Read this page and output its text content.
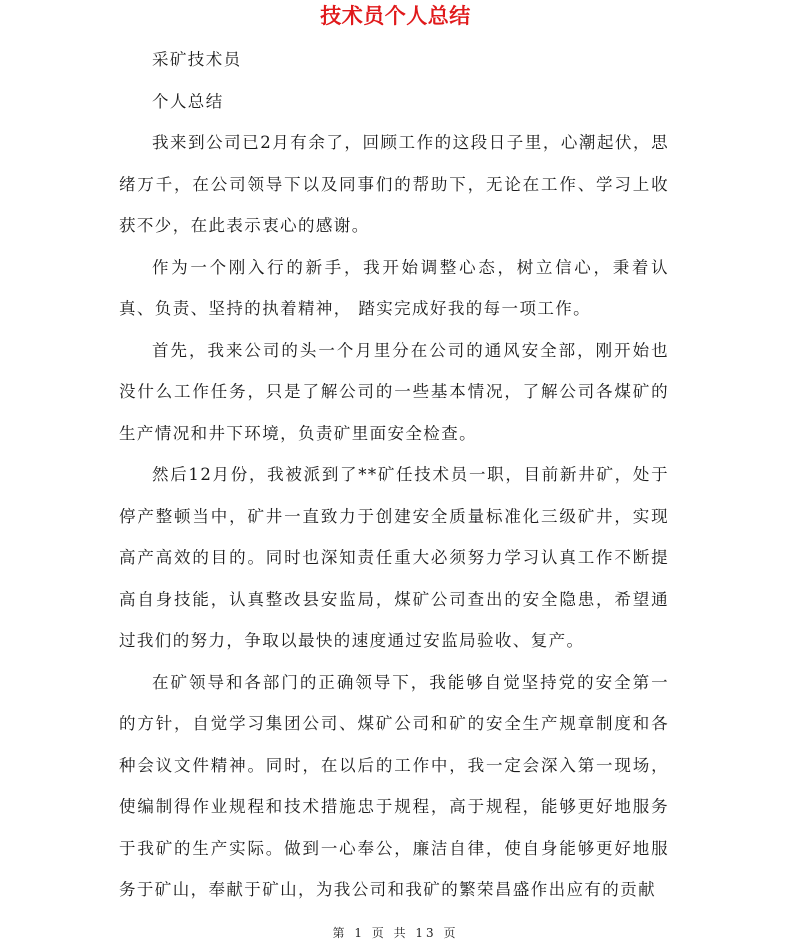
技术员个人总结

采矿技术员

个人总结

我来到公司已2月有余了，回顾工作的这段日子里，心潮起伏，思绪万千，在公司领导下以及同事们的帮助下，无论在工作、学习上收获不少，在此表示衷心的感谢。

作为一个刚入行的新手，我开始调整心态，树立信心，秉着认真、负责、坚持的执着精神， 踏实完成好我的每一项工作。

首先，我来公司的头一个月里分在公司的通风安全部，刚开始也没什么工作任务，只是了解公司的一些基本情况，了解公司各煤矿的生产情况和井下环境，负责矿里面安全检查。

然后12月份，我被派到了**矿任技术员一职，目前新井矿，处于停产整顿当中，矿井一直致力于创建安全质量标准化三级矿井，实现高产高效的目的。同时也深知责任重大必须努力学习认真工作不断提高自身技能，认真整改县安监局，煤矿公司查出的安全隐患，希望通过我们的努力，争取以最快的速度通过安监局验收、复产。

在矿领导和各部门的正确领导下，我能够自觉坚持党的安全第一的方针，自觉学习集团公司、煤矿公司和矿的安全生产规章制度和各种会议文件精神。同时，在以后的工作中，我一定会深入第一现场，使编制得作业规程和技术措施忠于规程，高于规程，能够更好地服务于我矿的生产实际。做到一心奉公，廉洁自律，使自身能够更好地服务于矿山，奉献于矿山，为我公司和我矿的繁荣昌盛作出应有的贡献

第 1 页 共 13 页
